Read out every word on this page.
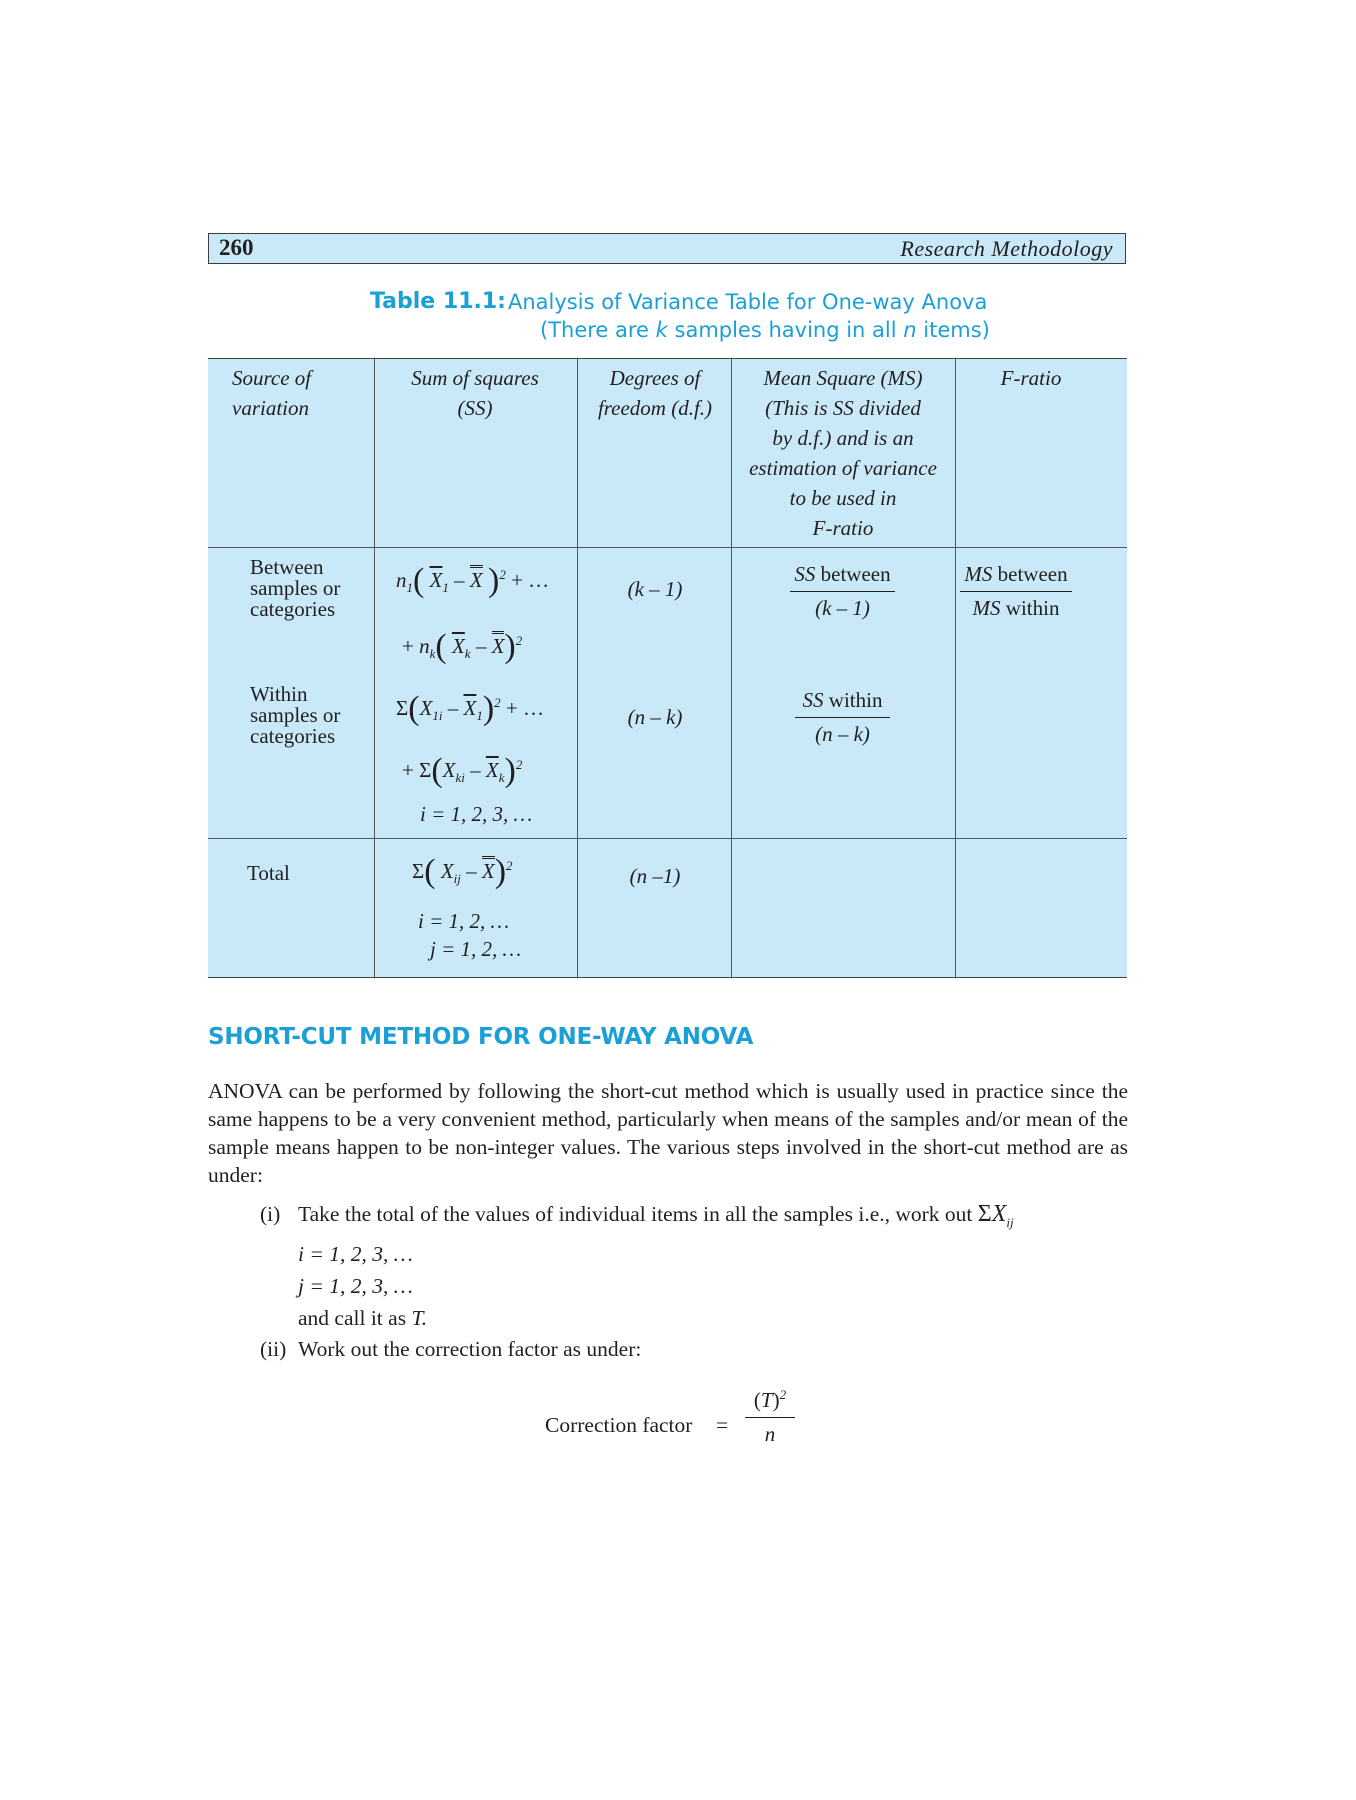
260	Research Methodology
Table 11.1: Analysis of Variance Table for One-way Anova
(There are k samples having in all n items)
Source of
variation
Sum of squares
(SS)
Degrees of
freedom (d.f.)
Mean Square (MS)
(This is SS divided
by d.f.) and is an
estimation of variance
to be used in
F-ratio
F-ratio
Between
samples or
categories
$n_1$( $\overline{X}_1$ – X )$^2$ + …
+ $n_k$( $\overline{X}_k - X)^2$
(k – 1)
SS between
(k – 1)
MS between
MS within
Within
samples or
categories
$\Sigma(X_{1i} - \overline{X}_1)^2$ + …
+ $\Sigma(X_{ki} - \overline{X}_k)^2$
i = 1, 2, 3, …
(n – k)
SS within
(n – k)
Total	Σ( $X_{ij} - X)^2$
i = 1, 2, …
j = 1, 2, …
(n –1)
SHORT-CUT METHOD FOR ONE-WAY ANOVA
ANOVA can be performed by following the short-cut method which is usually used in practice since the same happens to be a very convenient method, particularly when means of the samples and/or mean of the sample means happen to be non-integer values. The various steps involved in the short-cut method are as under:
(i) Take the total of the values of individual items in all the samples i.e., work out $\Sigma X_{ij}$
i = 1, 2, 3, …
j = 1, 2, 3, …
and call it as T.
(ii) Work out the correction factor as under:
Correction factor = $\frac{(T)^2}{n}$
